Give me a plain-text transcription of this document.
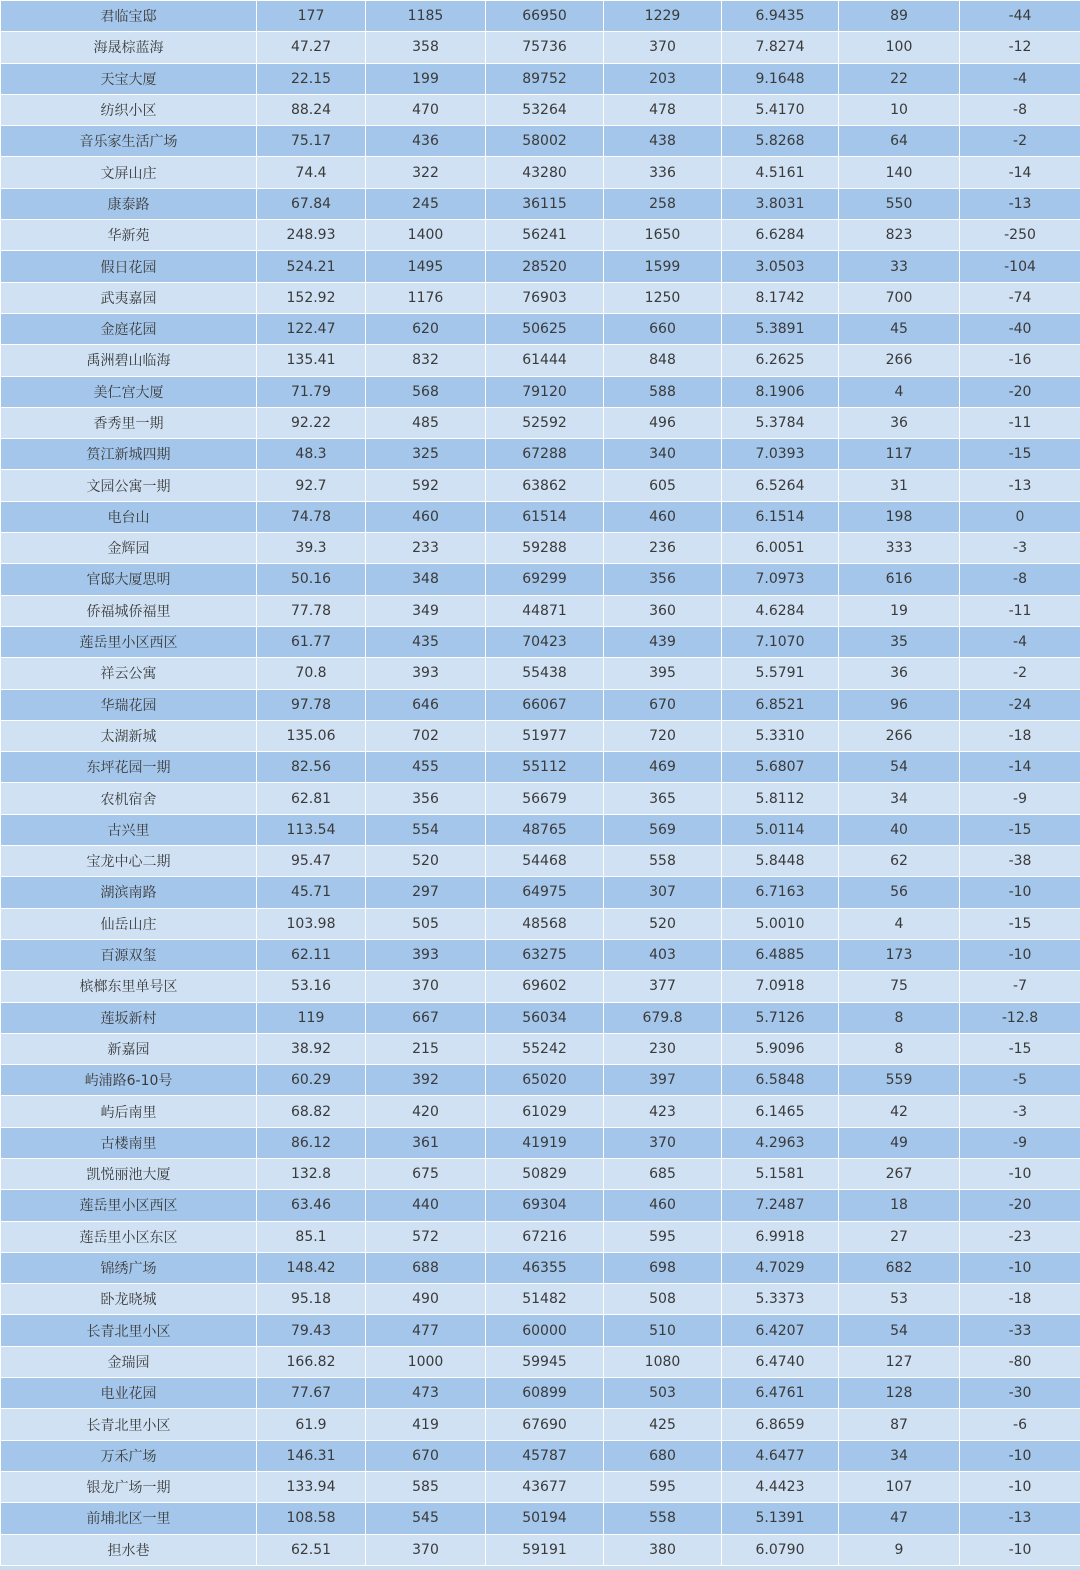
君临宝邸	177	1185	66950	1229	6.9435	89	-44
海晟棕蓝海	47.27	358	75736	370	7.8274	100	-12
天宝大厦	22.15	199	89752	203	9.1648	22	-4
纺织小区	88.24	470	53264	478	5.4170	10	-8
音乐家生活广场	75.17	436	58002	438	5.8268	64	-2
文屏山庄	74.4	322	43280	336	4.5161	140	-14
康泰路	67.84	245	36115	258	3.8031	550	-13
华新苑	248.93	1400	56241	1650	6.6284	823	-250
假日花园	524.21	1495	28520	1599	3.0503	33	-104
武夷嘉园	152.92	1176	76903	1250	8.1742	700	-74
金庭花园	122.47	620	50625	660	5.3891	45	-40
禹洲碧山临海	135.41	832	61444	848	6.2625	266	-16
美仁宫大厦	71.79	568	79120	588	8.1906	4	-20
香秀里一期	92.22	485	52592	496	5.3784	36	-11
筼江新城四期	48.3	325	67288	340	7.0393	117	-15
文园公寓一期	92.7	592	63862	605	6.5264	31	-13
电台山	74.78	460	61514	460	6.1514	198	0
金辉园	39.3	233	59288	236	6.0051	333	-3
官邸大厦思明	50.16	348	69299	356	7.0973	616	-8
侨福城侨福里	77.78	349	44871	360	4.6284	19	-11
莲岳里小区西区	61.77	435	70423	439	7.1070	35	-4
祥云公寓	70.8	393	55438	395	5.5791	36	-2
华瑞花园	97.78	646	66067	670	6.8521	96	-24
太湖新城	135.06	702	51977	720	5.3310	266	-18
东坪花园一期	82.56	455	55112	469	5.6807	54	-14
农机宿舍	62.81	356	56679	365	5.8112	34	-9
古兴里	113.54	554	48765	569	5.0114	40	-15
宝龙中心二期	95.47	520	54468	558	5.8448	62	-38
湖滨南路	45.71	297	64975	307	6.7163	56	-10
仙岳山庄	103.98	505	48568	520	5.0010	4	-15
百源双玺	62.11	393	63275	403	6.4885	173	-10
槟榔东里单号区	53.16	370	69602	377	7.0918	75	-7
莲坂新村	119	667	56034	679.8	5.7126	8	-12.8
新嘉园	38.92	215	55242	230	5.9096	8	-15
屿浦路6-10号	60.29	392	65020	397	6.5848	559	-5
屿后南里	68.82	420	61029	423	6.1465	42	-3
古楼南里	86.12	361	41919	370	4.2963	49	-9
凯悦丽池大厦	132.8	675	50829	685	5.1581	267	-10
莲岳里小区西区	63.46	440	69304	460	7.2487	18	-20
莲岳里小区东区	85.1	572	67216	595	6.9918	27	-23
锦绣广场	148.42	688	46355	698	4.7029	682	-10
卧龙晓城	95.18	490	51482	508	5.3373	53	-18
长青北里小区	79.43	477	60000	510	6.4207	54	-33
金瑞园	166.82	1000	59945	1080	6.4740	127	-80
电业花园	77.67	473	60899	503	6.4761	128	-30
长青北里小区	61.9	419	67690	425	6.8659	87	-6
万禾广场	146.31	670	45787	680	4.6477	34	-10
银龙广场一期	133.94	585	43677	595	4.4423	107	-10
前埔北区一里	108.58	545	50194	558	5.1391	47	-13
担水巷	62.51	370	59191	380	6.0790	9	-10
